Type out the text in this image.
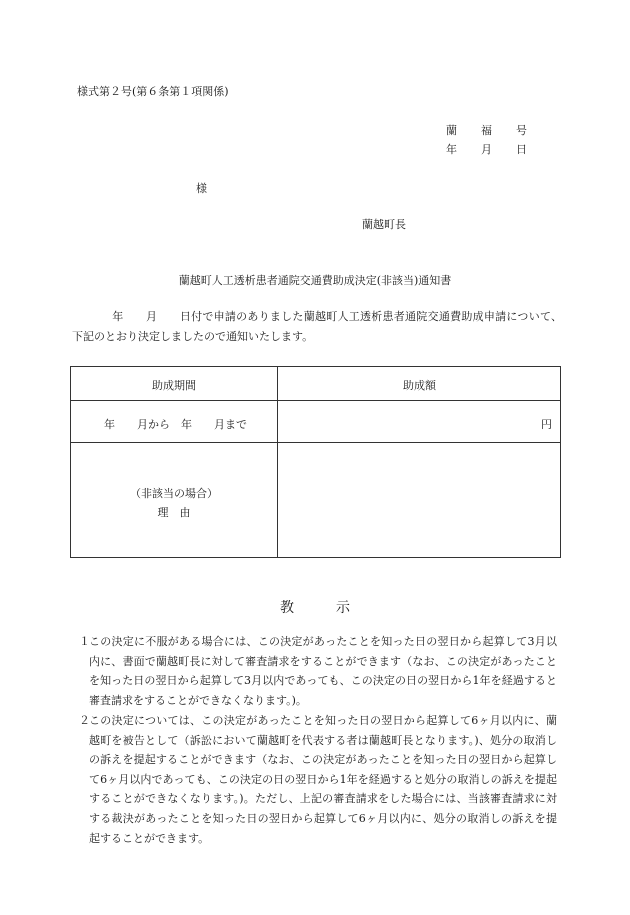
様式第２号(第６条第１項関係)
蘭 福 号
年 月 日
様
蘭越町長
蘭越町人工透析患者通院交通費助成決定(非該当)通知書
年　　月　　日付で申請のありました蘭越町人工透析患者通院交通費助成申請について、下記のとおり決定しましたので通知いたします。
助成期間	助成額
年　　月から　年　　月まで	円
（非該当の場合）
理　由
教　　　示
１ この決定に不服がある場合には、この決定があったことを知った日の翌日から起算して3月以内に、書面で蘭越町長に対して審査請求をすることができます（なお、この決定があったことを知った日の翌日から起算して3月以内であっても、この決定の日の翌日から1年を経過すると審査請求をすることができなくなります。)。
２ この決定については、この決定があったことを知った日の翌日から起算して6ヶ月以内に、蘭越町を被告として（訴訟において蘭越町を代表する者は蘭越町長となります。)、処分の取消しの訴えを提起することができます（なお、この決定があったことを知った日の翌日から起算して6ヶ月以内であっても、この決定の日の翌日から1年を経過すると処分の取消しの訴えを提起することができなくなります。)。ただし、上記の審査請求をした場合には、当該審査請求に対する裁決があったことを知った日の翌日から起算して6ヶ月以内に、処分の取消しの訴えを提起することができます。
